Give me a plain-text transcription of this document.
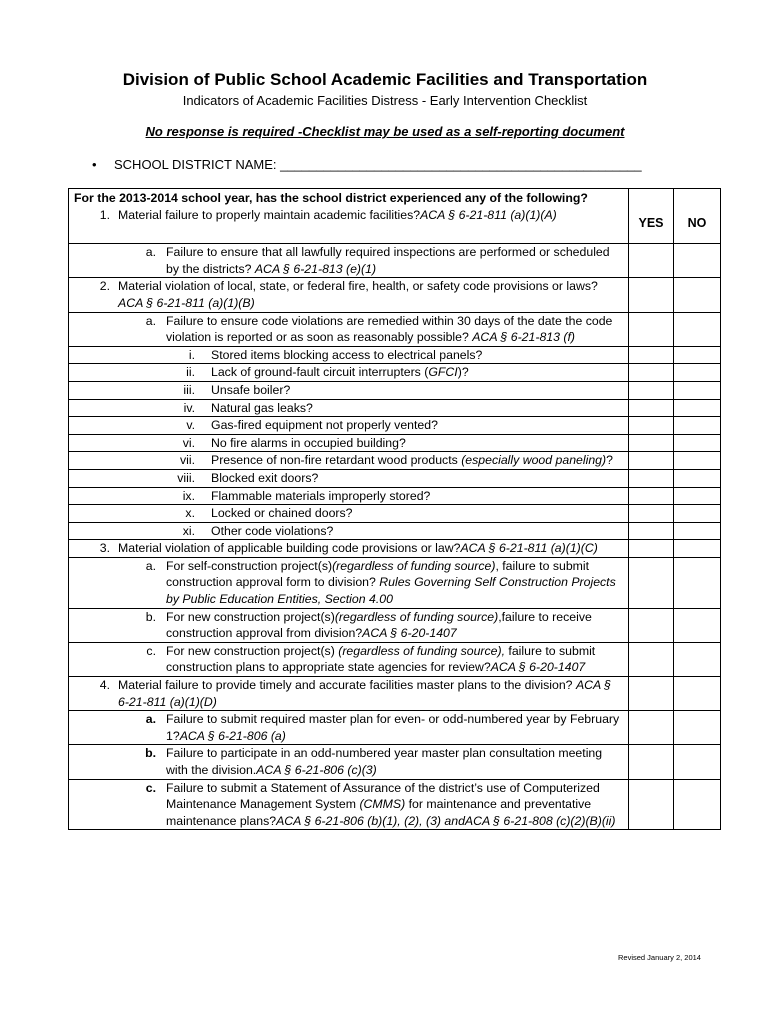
Division of Public School Academic Facilities and Transportation
Indicators of Academic Facilities Distress - Early Intervention Checklist
No response is required -Checklist may be used as a self-reporting document
• SCHOOL DISTRICT NAME: __________________________________________________
For the 2013-2014 school year, has the school district experienced any of the following?
1. Material failure to properly maintain academic facilities?ACA § 6-21-811 (a)(1)(A)	YES	NO

a. Failure to ensure that all lawfully required inspections are performed or scheduled by the districts? ACA § 6-21-813 (e)(1)		

2. Material violation of local, state, or federal fire, health, or safety code provisions or laws?ACA § 6-21-811 (a)(1)(B)		

a. Failure to ensure code violations are remedied within 30 days of the date the code violation is reported or as soon as reasonably possible? ACA § 6-21-813 (f)		

i. Stored items blocking access to electrical panels?		

ii. Lack of ground-fault circuit interrupters (GFCI)?		

iii. Unsafe boiler?		

iv. Natural gas leaks?		

v. Gas-fired equipment not properly vented?		

vi. No fire alarms in occupied building?		

vii. Presence of non-fire retardant wood products (especially wood paneling)?		

viii. Blocked exit doors?		

ix. Flammable materials improperly stored?		

x. Locked or chained doors?		

xi. Other code violations?		

3. Material violation of applicable building code provisions or law?ACA § 6-21-811 (a)(1)(C)		

a. For self-construction project(s)(regardless of funding source), failure to submit construction approval form to division? Rules Governing Self Construction Projects by Public Education Entities, Section 4.00		

b. For new construction project(s)(regardless of funding source),failure to receive construction approval from division?ACA § 6-20-1407		

c. For new construction project(s) (regardless of funding source), failure to submit construction plans to appropriate state agencies for review?ACA § 6-20-1407		

4. Material failure to provide timely and accurate facilities master plans to the division? ACA § 6-21-811 (a)(1)(D)		

a. Failure to submit required master plan for even- or odd-numbered year by February 1?ACA § 6-21-806 (a)		

b. Failure to participate in an odd-numbered year master plan consultation meeting with the division.ACA § 6-21-806 (c)(3)		

c. Failure to submit a Statement of Assurance of the district’s use of Computerized Maintenance Management System (CMMS) for maintenance and preventative maintenance plans?ACA § 6-21-806 (b)(1), (2), (3) andACA § 6-21-808 (c)(2)(B)(ii)		

Revised January 2, 2014
